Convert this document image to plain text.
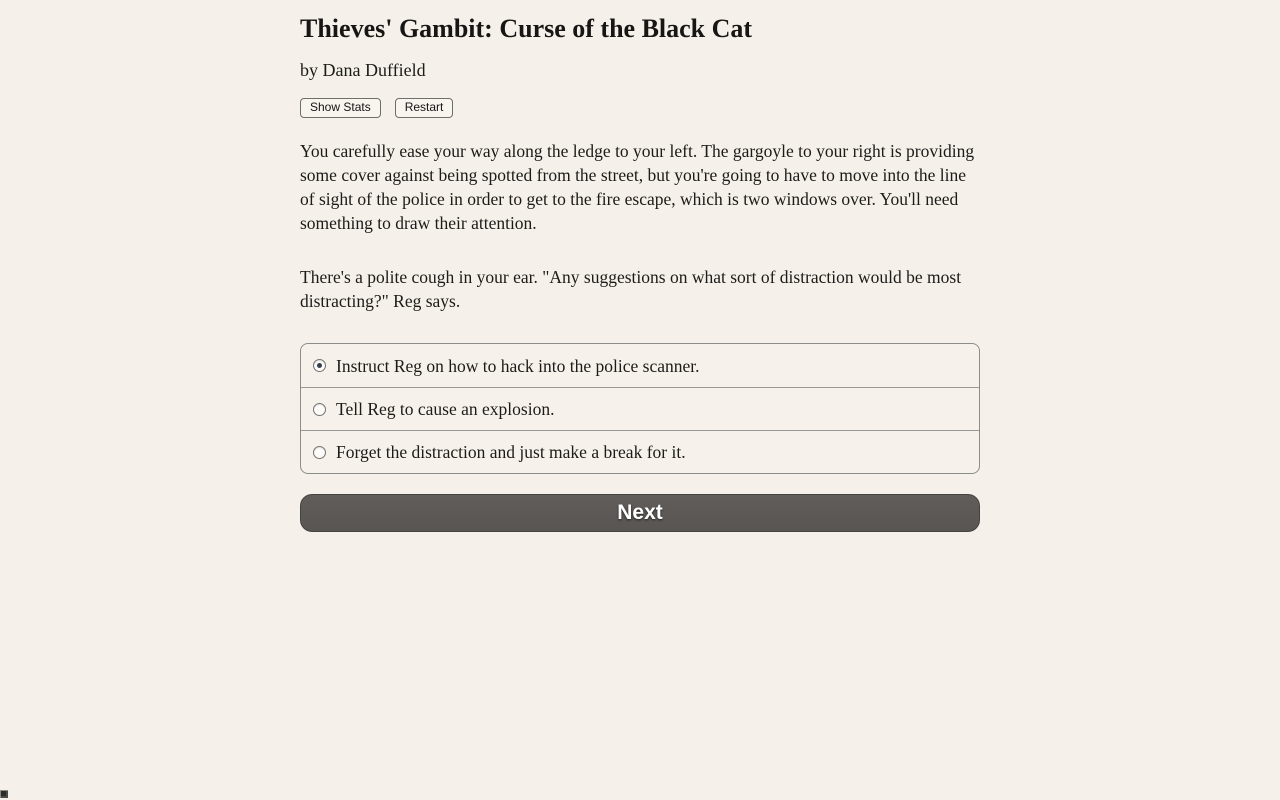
Thieves' Gambit: Curse of the Black Cat
by Dana Duffield
Show Stats	Restart

You carefully ease your way along the ledge to your left. The gargoyle to your right is providing some cover against being spotted from the street, but you're going to have to move into the line of sight of the police in order to get to the fire escape, which is two windows over. You'll need something to draw their attention.

There's a polite cough in your ear. "Any suggestions on what sort of distraction would be most distracting?" Reg says.

Instruct Reg on how to hack into the police scanner.
Tell Reg to cause an explosion.
Forget the distraction and just make a break for it.
Next
